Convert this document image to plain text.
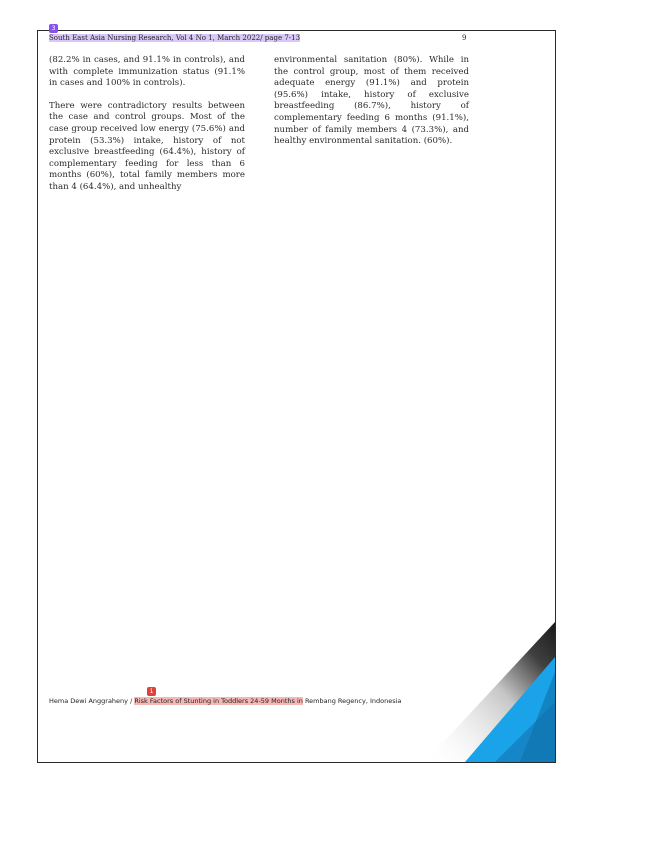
3
South East Asia Nursing Research, Vol 4 No 1, March 2022/ page 7-13	9

(82.2% in cases, and 91.1% in controls), and with complete immunization status (91.1% in cases and 100% in controls).

There were contradictory results between the case and control groups. Most of the case group received low energy (75.6%) and protein (53.3%) intake, history of not exclusive breastfeeding (64.4%), history of complementary feeding for less than 6 months (60%), total family members more than 4 (64.4%), and unhealthy

environmental sanitation (80%). While in the control group, most of them received adequate energy (91.1%) and protein (95.6%) intake, history of exclusive breastfeeding (86.7%), history of complementary feeding 6 months (91.1%), number of family members 4 (73.3%), and healthy environmental sanitation. (60%).

1
Hema Dewi Anggraheny / Risk Factors of Stunting in Toddlers 24-59 Months in Rembang Regency, Indonesia
